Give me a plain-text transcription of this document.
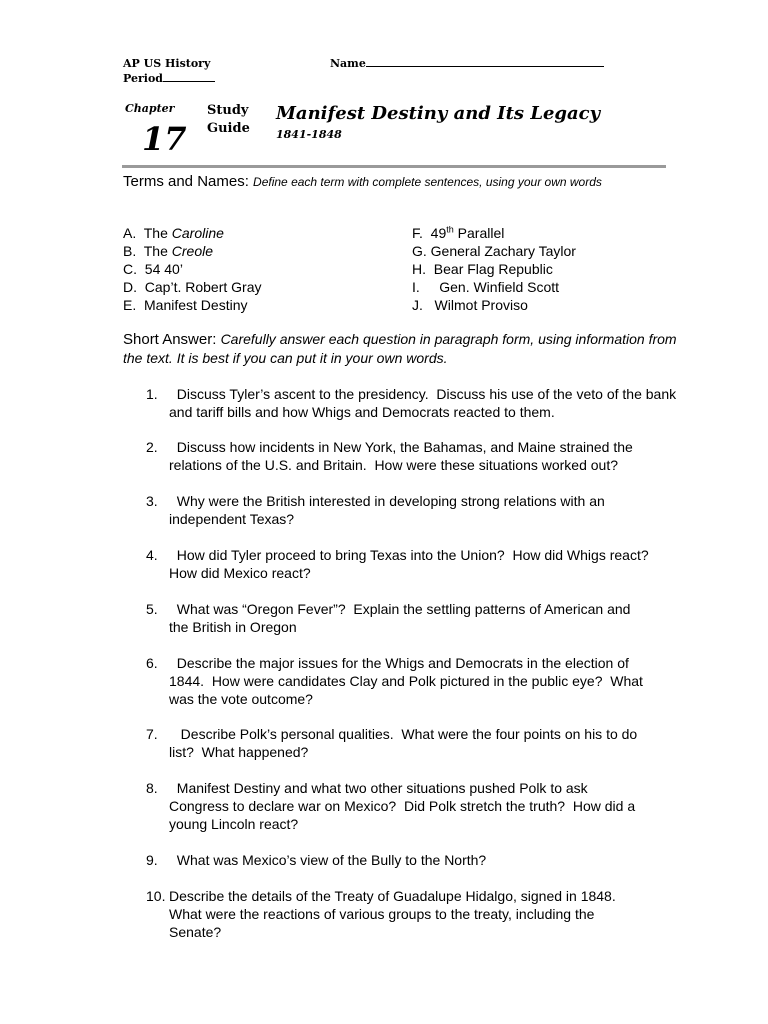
AP US History
Period
Name
Chapter
17
Study
Guide
Manifest Destiny and Its Legacy
1841-1848
Terms and Names: Define each term with complete sentences, using your own words
A.  The Caroline
B.  The Creole
C.  54 40’
D.  Cap’t. Robert Gray
E.  Manifest Destiny
F.  49th Parallel
G. General Zachary Taylor
H.  Bear Flag Republic
I.     Gen. Winfield Scott
J.   Wilmot Proviso
Short Answer: Carefully answer each question in paragraph form, using information from the text. It is best if you can put it in your own words.
1. Discuss Tyler’s ascent to the presidency.  Discuss his use of the veto of the bank and tariff bills and how Whigs and Democrats reacted to them.
2. Discuss how incidents in New York, the Bahamas, and Maine strained the relations of the U.S. and Britain.  How were these situations worked out?
3. Why were the British interested in developing strong relations with an independent Texas?
4. How did Tyler proceed to bring Texas into the Union?  How did Whigs react?  How did Mexico react?
5. What was “Oregon Fever”?  Explain the settling patterns of American and the British in Oregon
6. Describe the major issues for the Whigs and Democrats in the election of 1844.  How were candidates Clay and Polk pictured in the public eye?  What was the vote outcome?
7. Describe Polk’s personal qualities.  What were the four points on his to do list?  What happened?
8. Manifest Destiny and what two other situations pushed Polk to ask Congress to declare war on Mexico?  Did Polk stretch the truth?  How did a young Lincoln react?
9. What was Mexico’s view of the Bully to the North?
10. Describe the details of the Treaty of Guadalupe Hidalgo, signed in 1848.  What were the reactions of various groups to the treaty, including the Senate?
